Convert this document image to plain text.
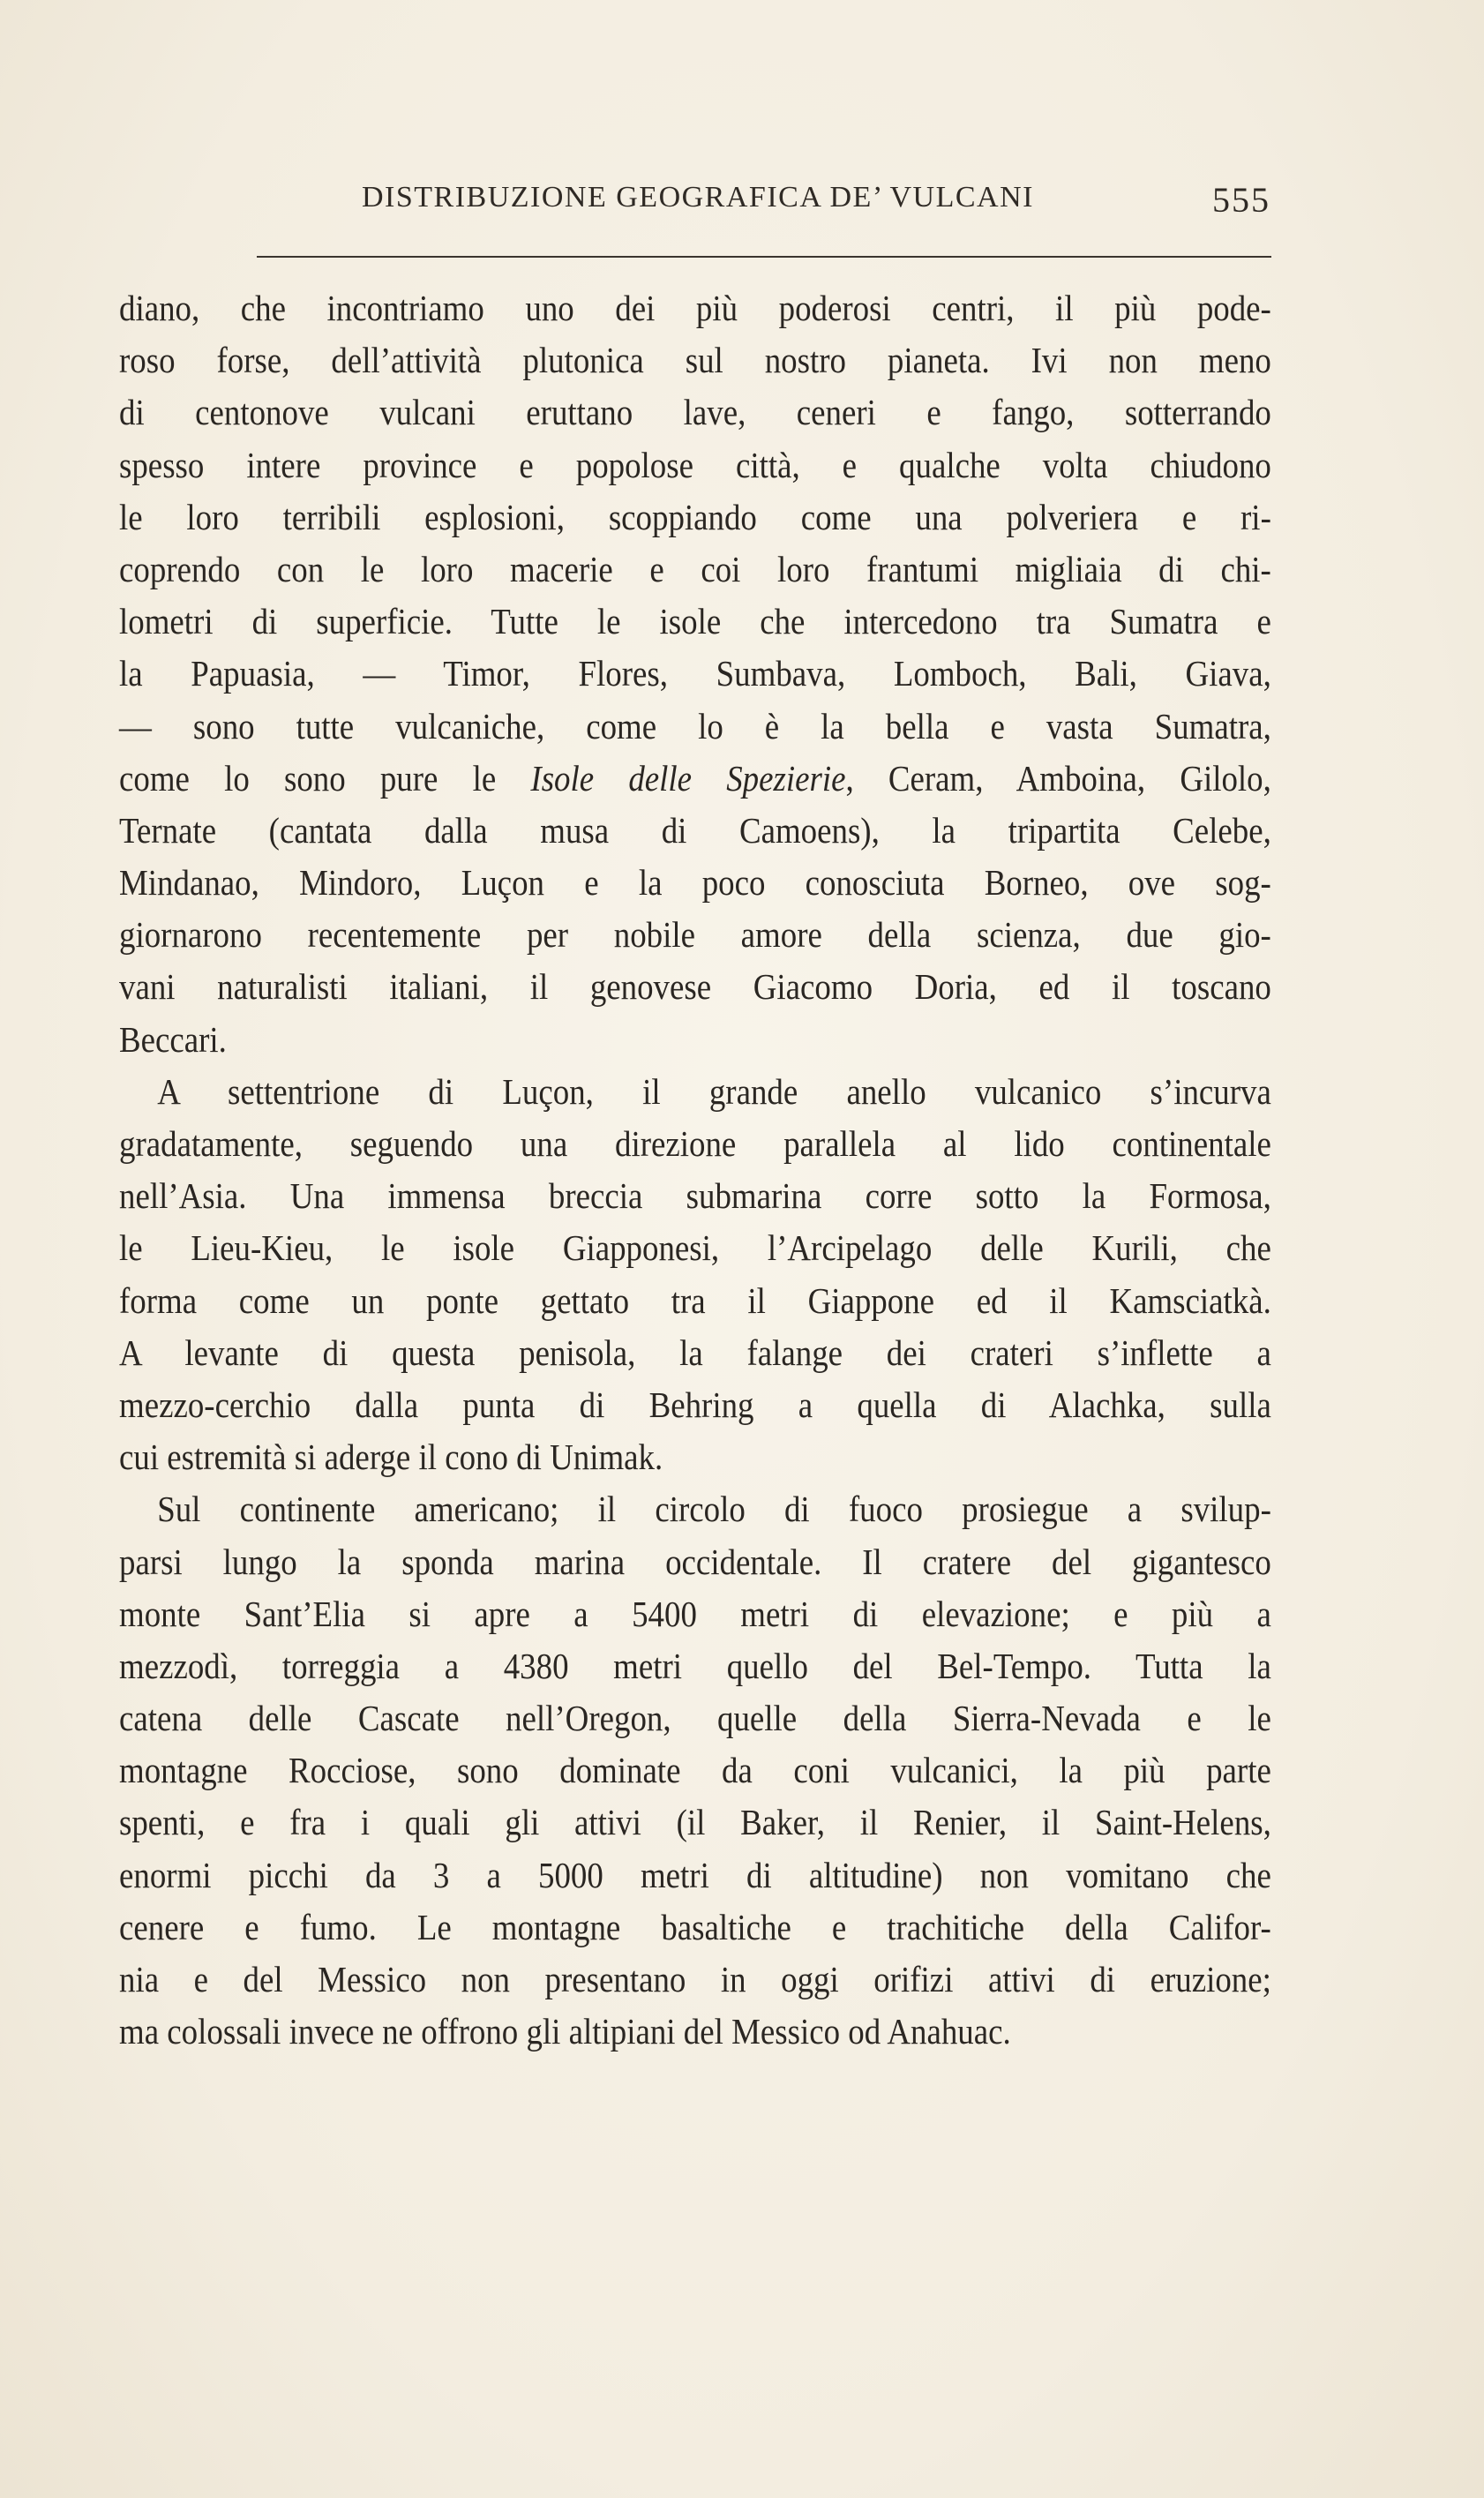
DISTRIBUZIONE GEOGRAFICA DE’ VULCANI	555
diano, che incontriamo uno dei più poderosi centri, il più pode-
roso forse, dell’attività plutonica sul nostro pianeta. Ivi non meno
di centonove vulcani eruttano lave, ceneri e fango, sotterrando
spesso intere province e popolose città, e qualche volta chiudono
le loro terribili esplosioni, scoppiando come una polveriera e ri-
coprendo con le loro macerie e coi loro frantumi migliaia di chi-
lometri di superficie. Tutte le isole che intercedono tra Sumatra e
la Papuasia, — Timor, Flores, Sumbava, Lomboch, Bali, Giava,
— sono tutte vulcaniche, come lo è la bella e vasta Sumatra,
come lo sono pure le Isole delle Spezierie, Ceram, Amboina, Gilolo,
Ternate (cantata dalla musa di Camoens), la tripartita Celebe,
Mindanao, Mindoro, Luçon e la poco conosciuta Borneo, ove sog-
giornarono recentemente per nobile amore della scienza, due gio-
vani naturalisti italiani, il genovese Giacomo Doria, ed il toscano
Beccari.
A settentrione di Luçon, il grande anello vulcanico s’incurva
gradatamente, seguendo una direzione parallela al lido continentale
nell’Asia. Una immensa breccia submarina corre sotto la Formosa,
le Lieu-Kieu, le isole Giapponesi, l’Arcipelago delle Kurili, che
forma come un ponte gettato tra il Giappone ed il Kamsciatkà.
A levante di questa penisola, la falange dei crateri s’inflette a
mezzo-cerchio dalla punta di Behring a quella di Alachka, sulla
cui estremità si aderge il cono di Unimak.
Sul continente americano; il circolo di fuoco prosiegue a svilup-
parsi lungo la sponda marina occidentale. Il cratere del gigantesco
monte Sant’Elia si apre a 5400 metri di elevazione; e più a
mezzodì, torreggia a 4380 metri quello del Bel-Tempo. Tutta la
catena delle Cascate nell’Oregon, quelle della Sierra-Nevada e le
montagne Rocciose, sono dominate da coni vulcanici, la più parte
spenti, e fra i quali gli attivi (il Baker, il Renier, il Saint-Helens,
enormi picchi da 3 a 5000 metri di altitudine) non vomitano che
cenere e fumo. Le montagne basaltiche e trachitiche della Califor-
nia e del Messico non presentano in oggi orifizi attivi di eruzione;
ma colossali invece ne offrono gli altipiani del Messico od Anahuac.
